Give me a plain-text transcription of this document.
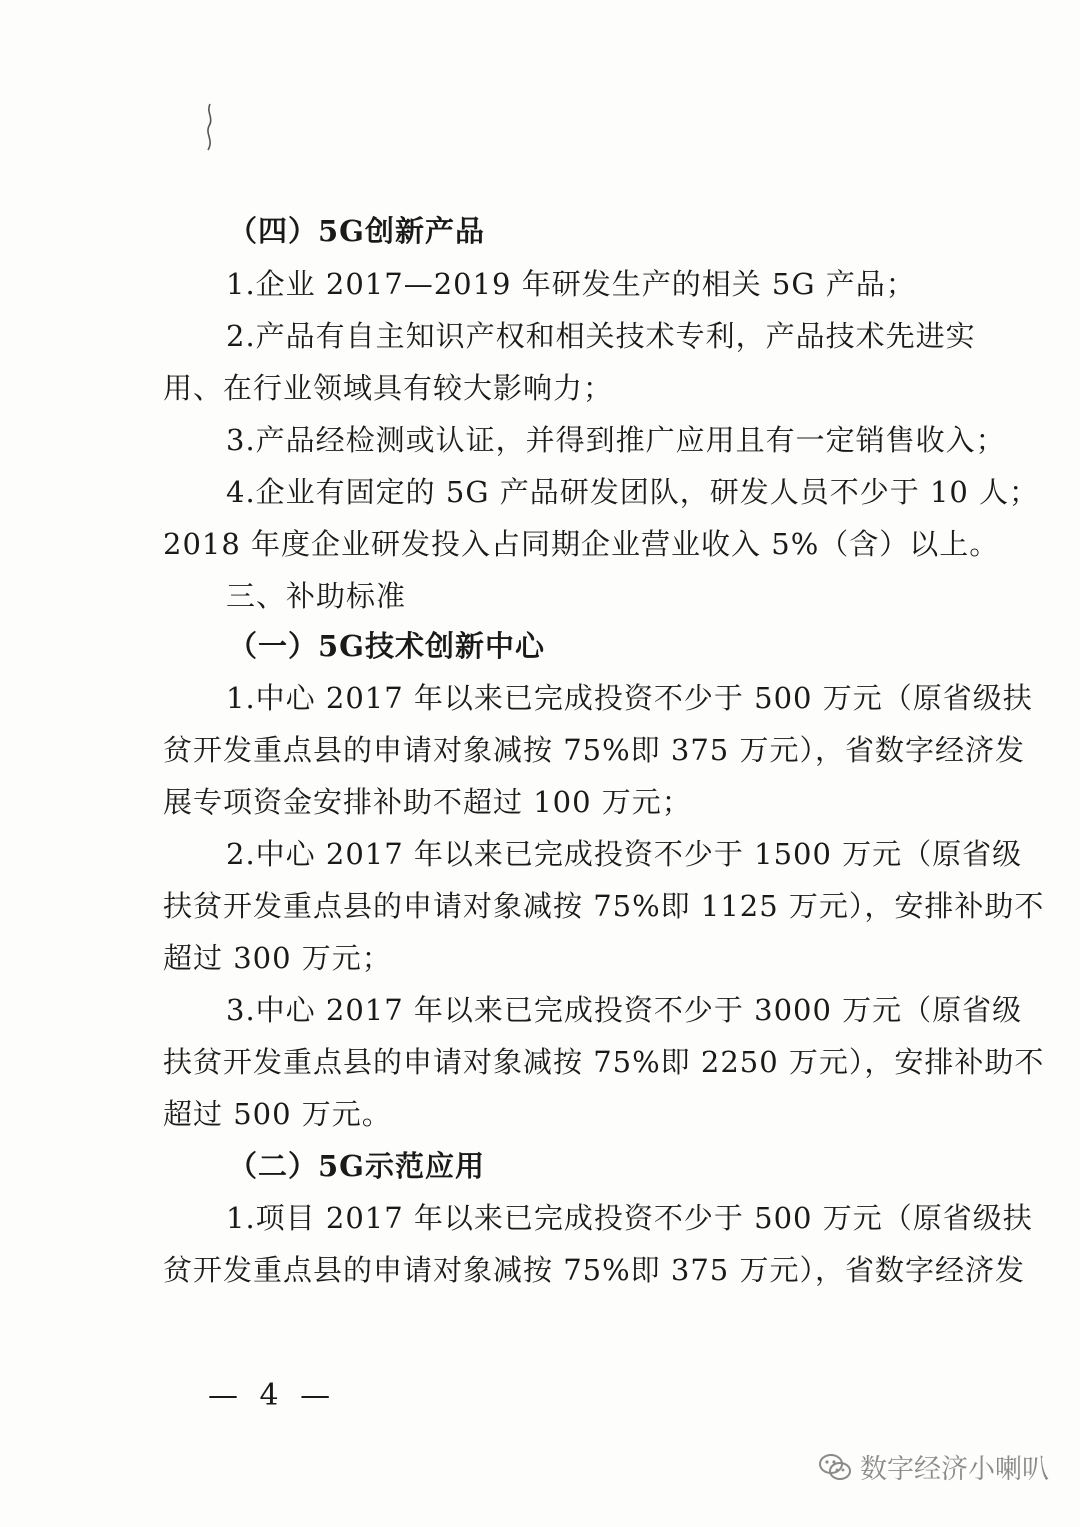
（四）5G创新产品
1.企业 2017—2019 年研发生产的相关 5G 产品；
2.产品有自主知识产权和相关技术专利，产品技术先进实
用、在行业领域具有较大影响力；
3.产品经检测或认证，并得到推广应用且有一定销售收入；
4.企业有固定的 5G 产品研发团队，研发人员不少于 10 人；
2018 年度企业研发投入占同期企业营业收入 5%（含）以上。
三、补助标准
（一）5G技术创新中心
1.中心 2017 年以来已完成投资不少于 500 万元（原省级扶
贫开发重点县的申请对象减按 75%即 375 万元），省数字经济发
展专项资金安排补助不超过 100 万元；
2.中心 2017 年以来已完成投资不少于 1500 万元（原省级
扶贫开发重点县的申请对象减按 75%即 1125 万元），安排补助不
超过 300 万元；
3.中心 2017 年以来已完成投资不少于 3000 万元（原省级
扶贫开发重点县的申请对象减按 75%即 2250 万元），安排补助不
超过 500 万元。
（二）5G示范应用
1.项目 2017 年以来已完成投资不少于 500 万元（原省级扶
贫开发重点县的申请对象减按 75%即 375 万元），省数字经济发
— 4 —
数字经济小喇叭
